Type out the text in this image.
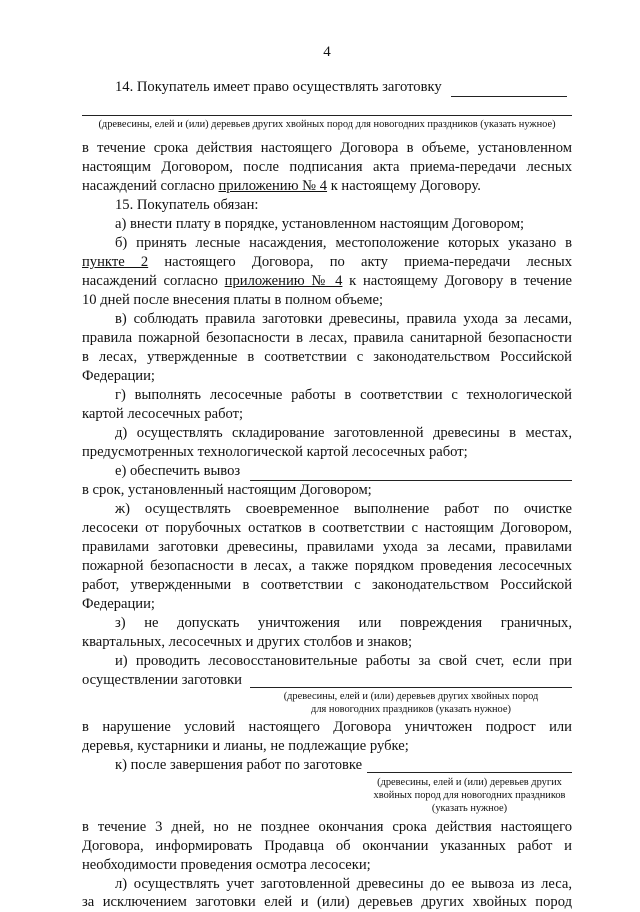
4
14. Покупатель имеет право осуществлять заготовку
(древесины, елей и (или) деревьев других хвойных пород для новогодних праздников (указать нужное)
в течение срока действия настоящего Договора в объеме, установленном
настоящим Договором, после подписания акта приема-передачи лесных
насаждений согласно приложению № 4 к настоящему Договору.
15. Покупатель обязан:
а) внести плату в порядке, установленном настоящим Договором;
б) принять лесные насаждения, местоположение которых указано в
пункте 2 настоящего Договора, по акту приема-передачи лесных
насаждений согласно приложению № 4 к настоящему Договору в течение
10 дней после внесения платы в полном объеме;
в) соблюдать правила заготовки древесины, правила ухода за лесами,
правила пожарной безопасности в лесах, правила санитарной безопасности
в лесах, утвержденные в соответствии с законодательством Российской
Федерации;
г) выполнять лесосечные работы в соответствии с технологической
картой лесосечных работ;
д) осуществлять складирование заготовленной древесины в местах,
предусмотренных технологической картой лесосечных работ;
е) обеспечить вывоз
в срок, установленный настоящим Договором;
ж) осуществлять своевременное выполнение работ по очистке
лесосеки от порубочных остатков в соответствии с настоящим Договором,
правилами заготовки древесины, правилами ухода за лесами, правилами
пожарной безопасности в лесах, а также порядком проведения лесосечных
работ, утвержденными в соответствии с законодательством Российской
Федерации;
з) не допускать уничтожения или повреждения граничных,
квартальных, лесосечных и других столбов и знаков;
и) проводить лесовосстановительные работы за свой счет, если при
осуществлении заготовки
(древесины, елей и (или) деревьев других хвойных пород
для новогодних праздников (указать нужное)
в нарушение условий настоящего Договора уничтожен подрост или
деревья, кустарники и лианы, не подлежащие рубке;
к) после завершения работ по заготовке
(древесины, елей и (или) деревьев других
хвойных пород для новогодних праздников
(указать нужное)
в течение 3 дней, но не позднее окончания срока действия настоящего
Договора, информировать Продавца об окончании указанных работ и
необходимости проведения осмотра лесосеки;
л) осуществлять учет заготовленной древесины до ее вывоза из леса,
за исключением заготовки елей и (или) деревьев других хвойных пород
